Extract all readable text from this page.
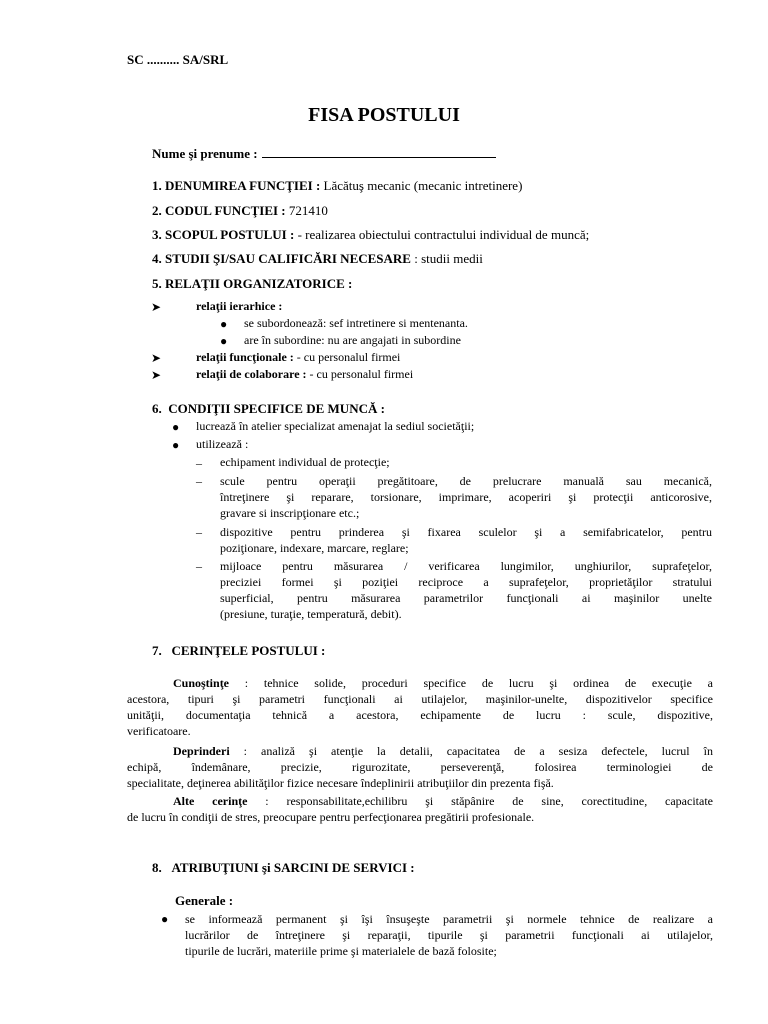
SC .......... SA/SRL
FISA POSTULUI
Nume şi prenume :
1. DENUMIREA FUNCŢIEI : Lăcătuş mecanic (mecanic intretinere)
2. CODUL FUNCŢIEI : 721410
3. SCOPUL POSTULUI : - realizarea obiectului contractului individual de muncă;
4. STUDII ŞI/SAU CALIFICĂRI NECESARE : studii medii
5. RELAŢII ORGANIZATORICE :
➤	relaţii ierarhice :
● se subordonează: sef intretinere si mentenanta.
● are în subordine: nu are angajati in subordine
➤	relaţii funcţionale : - cu personalul firmei
➤	relaţii de colaborare : - cu personalul firmei
6. CONDIŢII SPECIFICE DE MUNCĂ :
● lucrează în atelier specializat amenajat la sediul societăţii;
● utilizează :
– echipament individual de protecţie;
– scule pentru operaţii pregătitoare, de prelucrare manuală sau mecanică,
întreţinere şi reparare, torsionare, imprimare, acoperiri şi protecţii anticorosive,
gravare si inscripţionare etc.;
– dispozitive pentru prinderea şi fixarea sculelor şi a semifabricatelor, pentru
poziţionare, indexare, marcare, reglare;
– mijloace pentru măsurarea / verificarea lungimilor, unghiurilor, suprafeţelor,
preciziei formei şi poziţiei reciproce a suprafeţelor, proprietăţilor stratului
superficial, pentru măsurarea parametrilor funcţionali ai maşinilor unelte
(presiune, turaţie, temperatură, debit).
7. CERINŢELE POSTULUI :
Cunoştinţe : tehnice solide, proceduri specifice de lucru şi ordinea de execuţie a
acestora, tipuri şi parametri funcţionali ai utilajelor, maşinilor-unelte, dispozitivelor specifice
unităţii, documentaţia tehnică a acestora, echipamente de lucru : scule, dispozitive,
verificatoare.
Deprinderi : analiză şi atenţie la detalii, capacitatea de a sesiza defectele, lucrul în
echipă, îndemânare, precizie, rigurozitate, perseverenţă, folosirea terminologiei de
specialitate, deţinerea abilităţilor fizice necesare îndeplinirii atribuţiilor din prezenta fişă.
Alte cerinţe : responsabilitate,echilibru şi stăpânire de sine, corectitudine, capacitate
de lucru în condiţii de stres, preocupare pentru perfecţionarea pregătirii profesionale.
8. ATRIBUŢIUNI şi SARCINI DE SERVICI :
Generale :
● se informează permanent şi îşi însuşeşte parametrii şi normele tehnice de realizare a
lucrărilor de întreţinere şi reparaţii, tipurile şi parametrii funcţionali ai utilajelor,
tipurile de lucrări, materiile prime şi materialele de bază folosite;
